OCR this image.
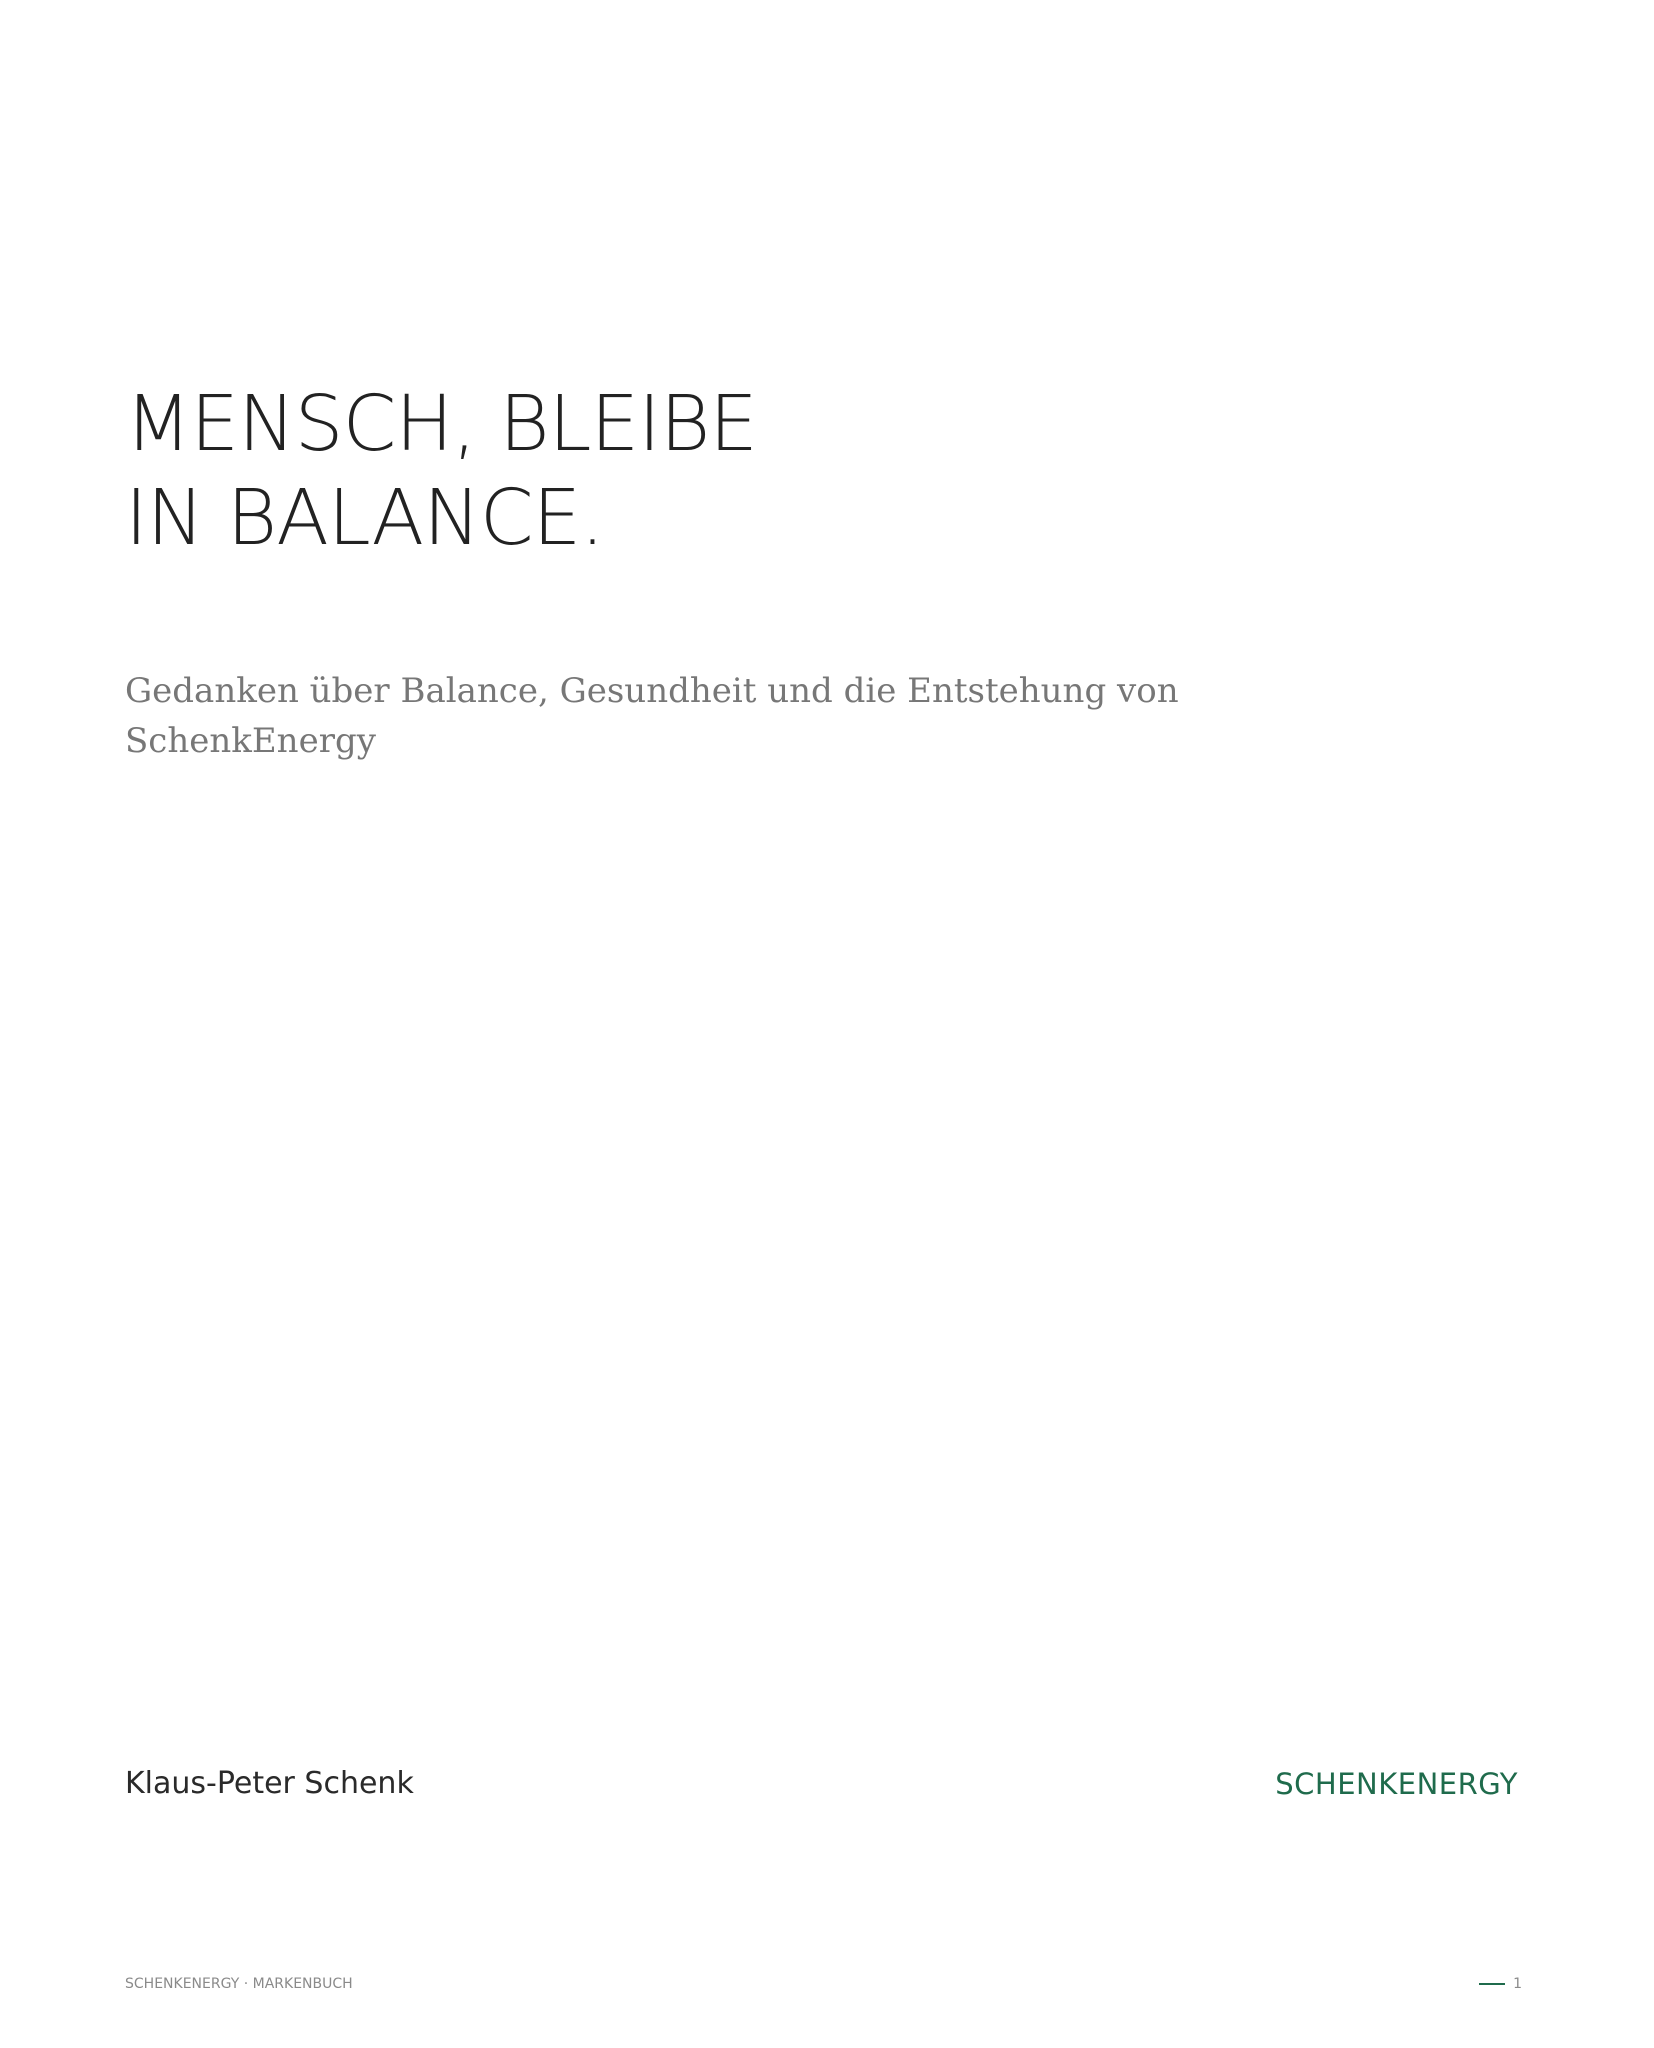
MENSCH, BLEIBE
IN BALANCE.

Gedanken über Balance, Gesundheit und die Entstehung von
SchenkEnergy

Klaus-Peter Schenk	SCHENKENERGY

SCHENKENERGY · MARKENBUCH	1
